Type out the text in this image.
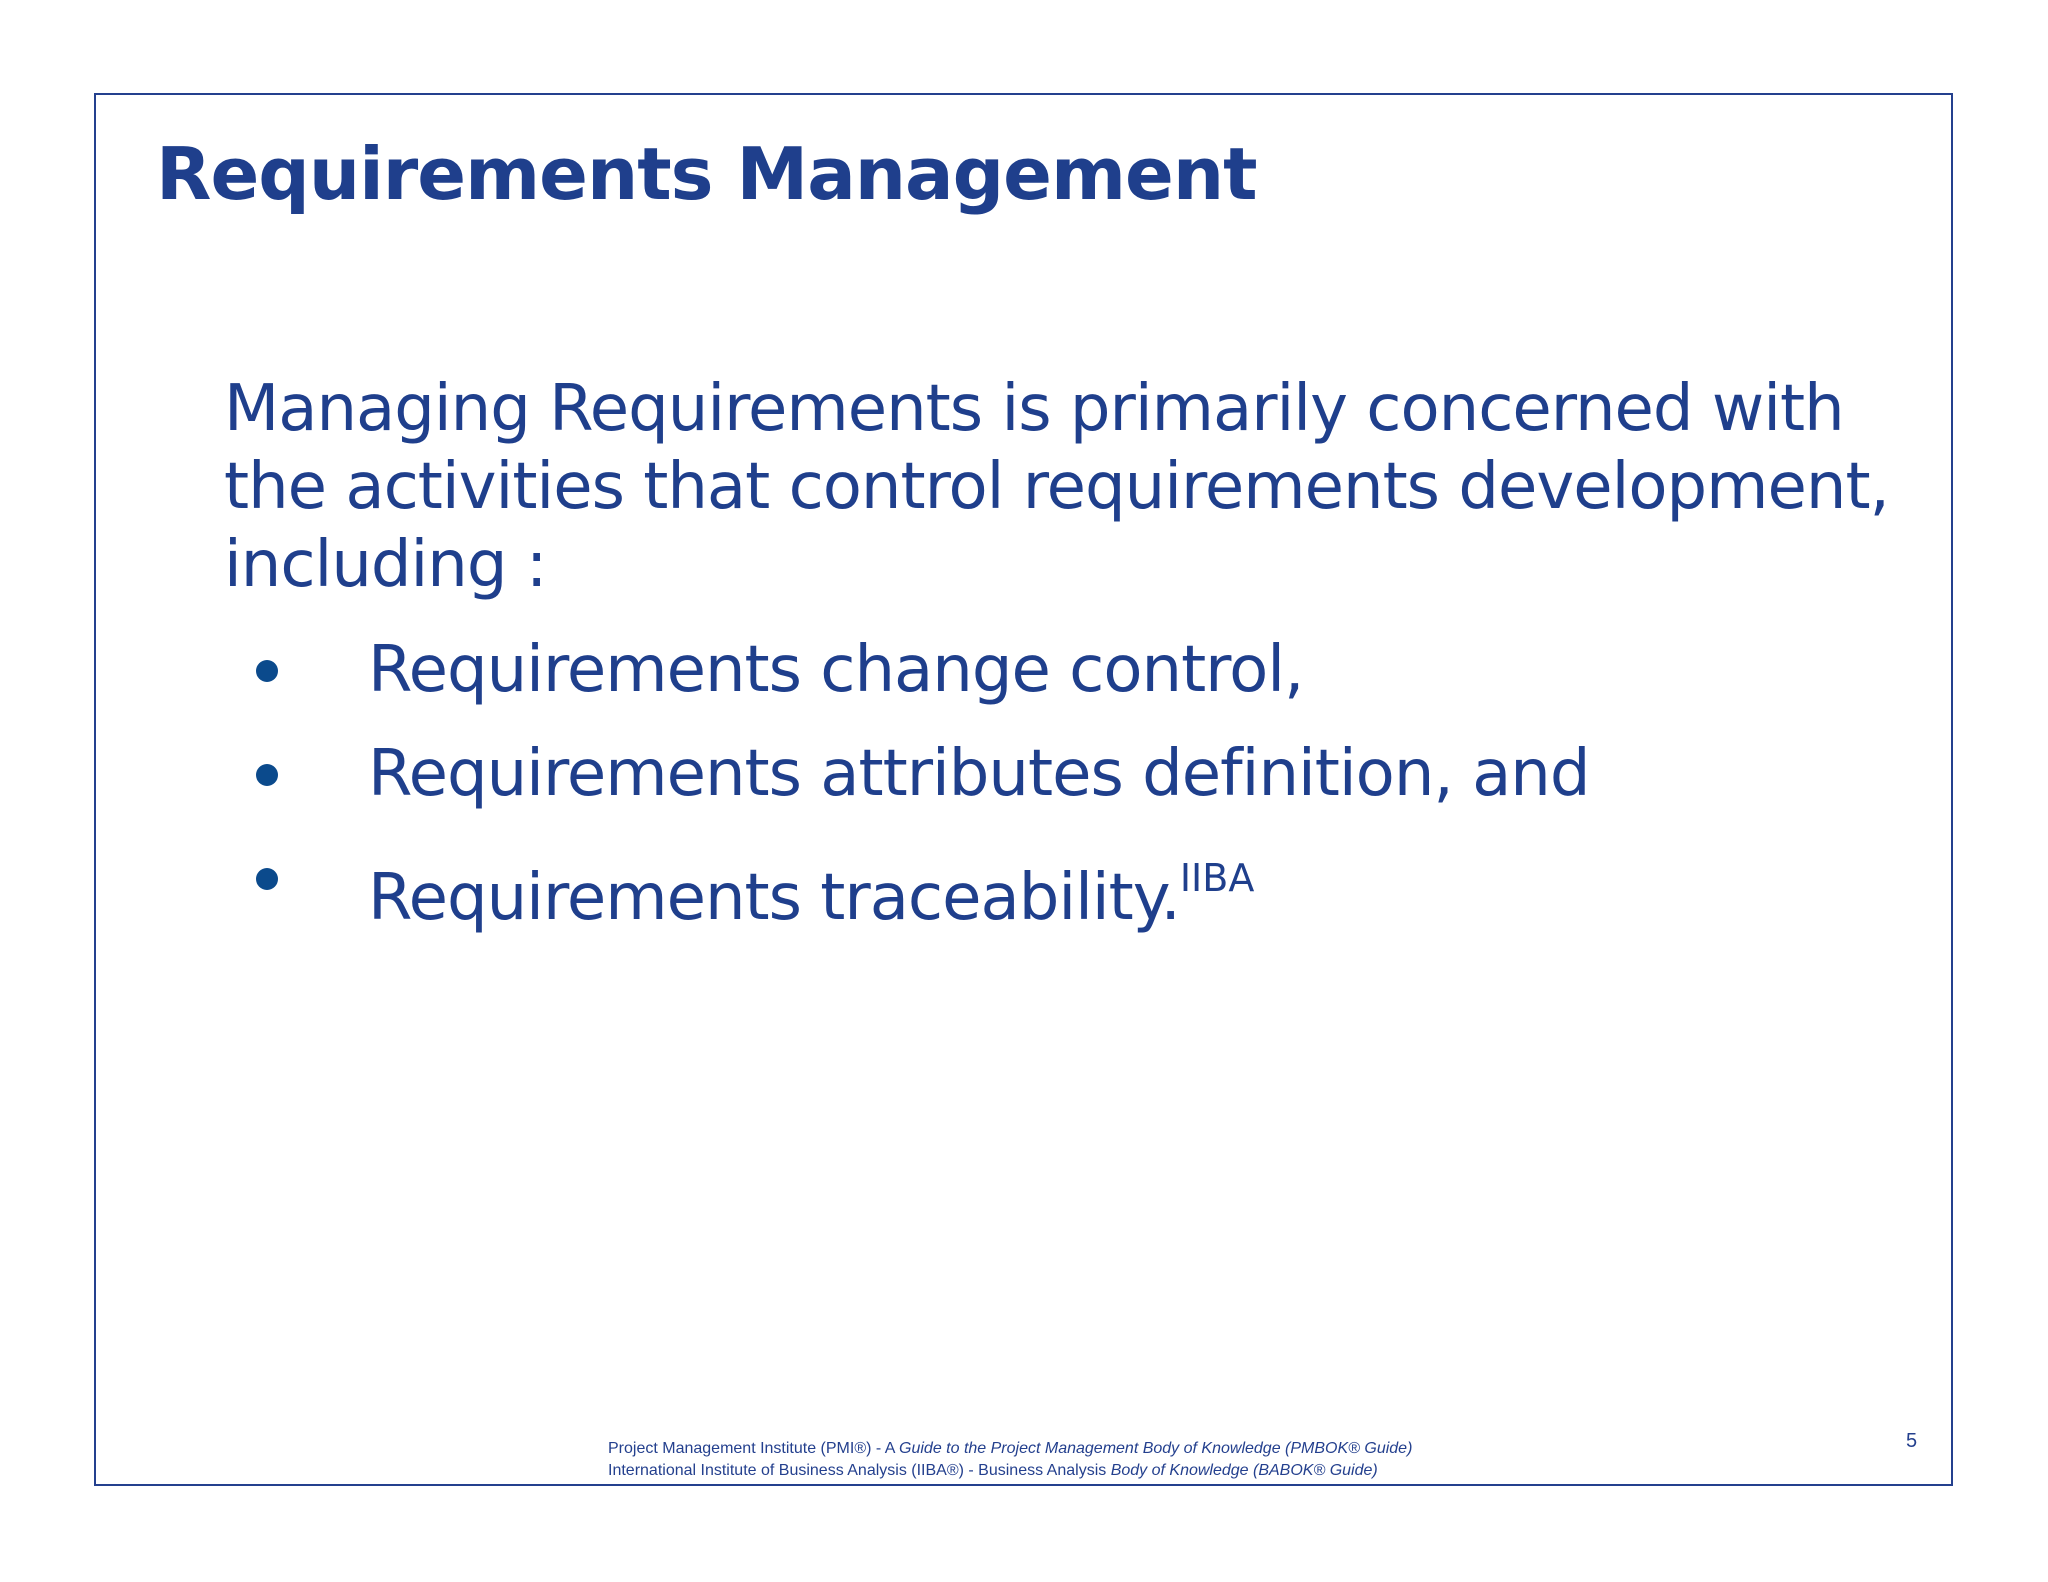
Requirements Management
Managing Requirements is primarily concerned with
the activities that control requirements development,
including :
Requirements change control,
Requirements attributes definition, and
Requirements traceability.$^{IIBA}$
Project Management Institute (PMI®) - A Guide to the Project Management Body of Knowledge (PMBOK® Guide)
International Institute of Business Analysis (IIBA®) - Business Analysis Body of Knowledge (BABOK® Guide)
5
